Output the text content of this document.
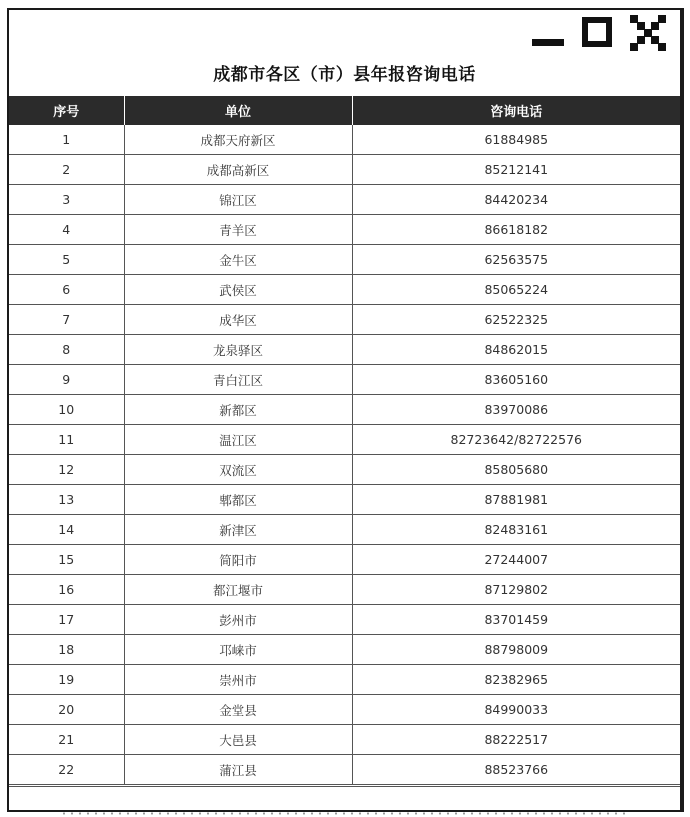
成都市各区（市）县年报咨询电话
序号	单位	咨询电话
1	成都天府新区	61884985
2	成都高新区	85212141
3	锦江区	84420234
4	青羊区	86618182
5	金牛区	62563575
6	武侯区	85065224
7	成华区	62522325
8	龙泉驿区	84862015
9	青白江区	83605160
10	新都区	83970086
11	温江区	82723642/82722576
12	双流区	85805680
13	郫都区	87881981
14	新津区	82483161
15	简阳市	27244007
16	都江堰市	87129802
17	彭州市	83701459
18	邛崃市	88798009
19	崇州市	82382965
20	金堂县	84990033
21	大邑县	88222517
22	蒲江县	88523766
